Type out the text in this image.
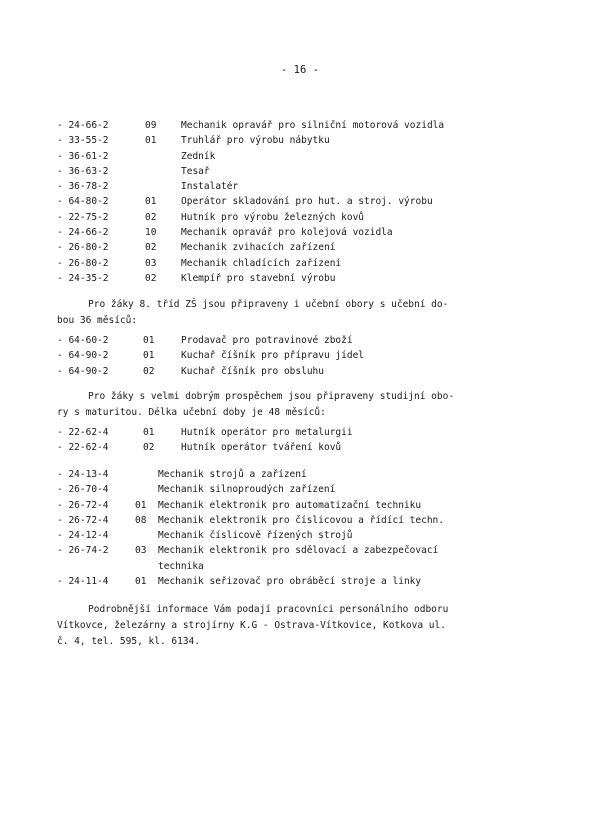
- 16 -
- 24-66-2	09	Mechanik opravář pro silniční motorová vozidla
- 33-55-2	01	Truhlář pro výrobu nábytku
- 36-61-2	Zedník
- 36-63-2	Tesař
- 36-78-2	Instalatér
- 64-80-2	01	Operátor skladování pro hut. a stroj. výrobu
- 22-75-2	02	Hutník pro výrobu železných kovů
- 24-66-2	10	Mechanik opravář pro kolejová vozidla
- 26-80-2	02	Mechanik zvihacích zařízení
- 26-80-2	03	Mechanik chladících zařízení
- 24-35-2	02	Klempíř pro stavební výrobu

Pro žáky 8. tříd ZŠ jsou připraveny i učební obory s učební do-
bou 36 měsíců:

- 64-60-2	01	Prodavač pro potravinové zboží
- 64-90-2	01	Kuchař číšník pro přípravu jídel
- 64-90-2	02	Kuchař číšník pro obsluhu

Pro žáky s velmi dobrým prospěchem jsou připraveny studijní obo-
ry s maturitou. Délka učební doby je 48 měsíců:

- 22-62-4	01	Hutník operátor pro metalurgii
- 22-62-4	02	Hutník operátor tváření kovů
- 24-13-4	Mechanik strojů a zařízení
- 26-70-4	Mechanik silnoproudých zařízení
- 26-72-4	01 Mechanik elektronik pro automatizační techniku
- 26-72-4	08 Mechanik elektronik pro číslicovou a řídící techn.
- 24-12-4	Mechanik číslicově řízených strojů
- 26-74-2	03 Mechanik elektronik pro sdělovací a zabezpečovací
technika
- 24-11-4	01 Mechanik seřizovač pro obráběcí stroje a linky

Podrobnější informace Vám podají pracovníci personálního odboru
Vítkovce, železárny a strojírny K.G - Ostrava-Vítkovice, Kotkova ul.
č. 4, tel. 595, kl. 6134.
